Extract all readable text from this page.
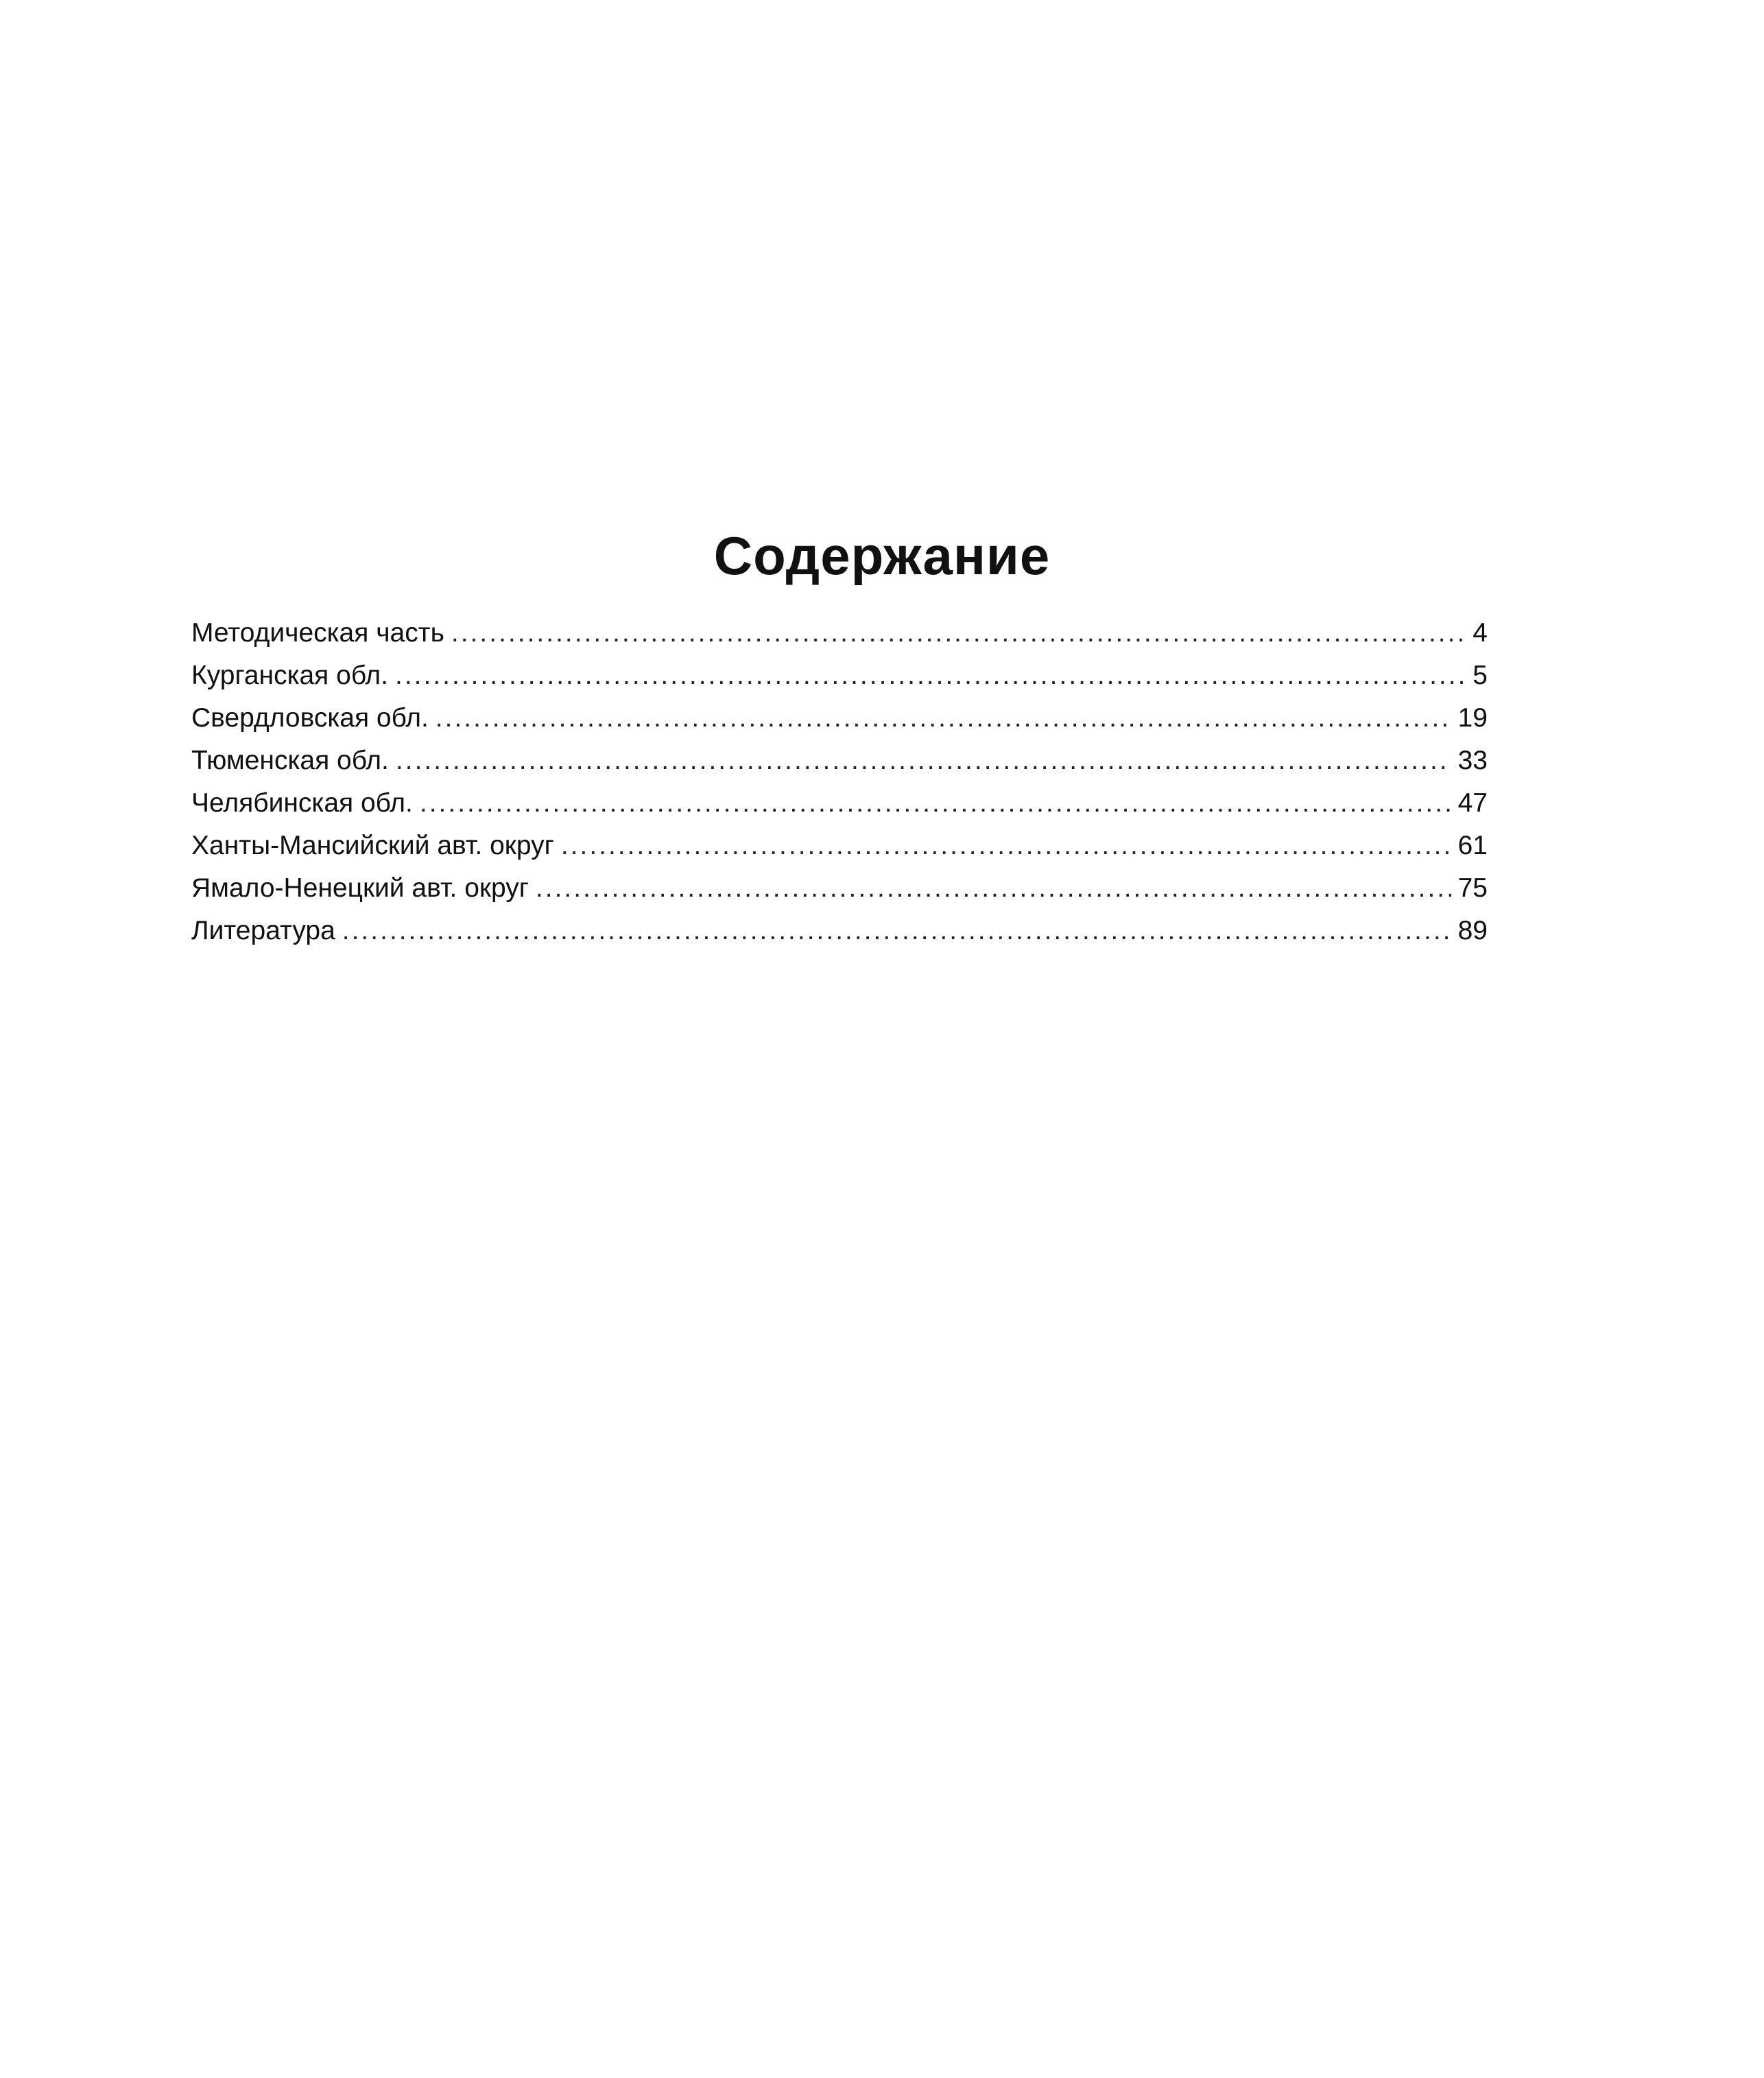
Содержание
Методическая часть .....	4
Курганская обл. .....	5
Свердловская обл. .....	19
Тюменская обл. .....	33
Челябинская обл. .....	47
Ханты-Мансийский авт. округ .....	61
Ямало-Ненецкий авт. округ .....	75
Литература .....	89
